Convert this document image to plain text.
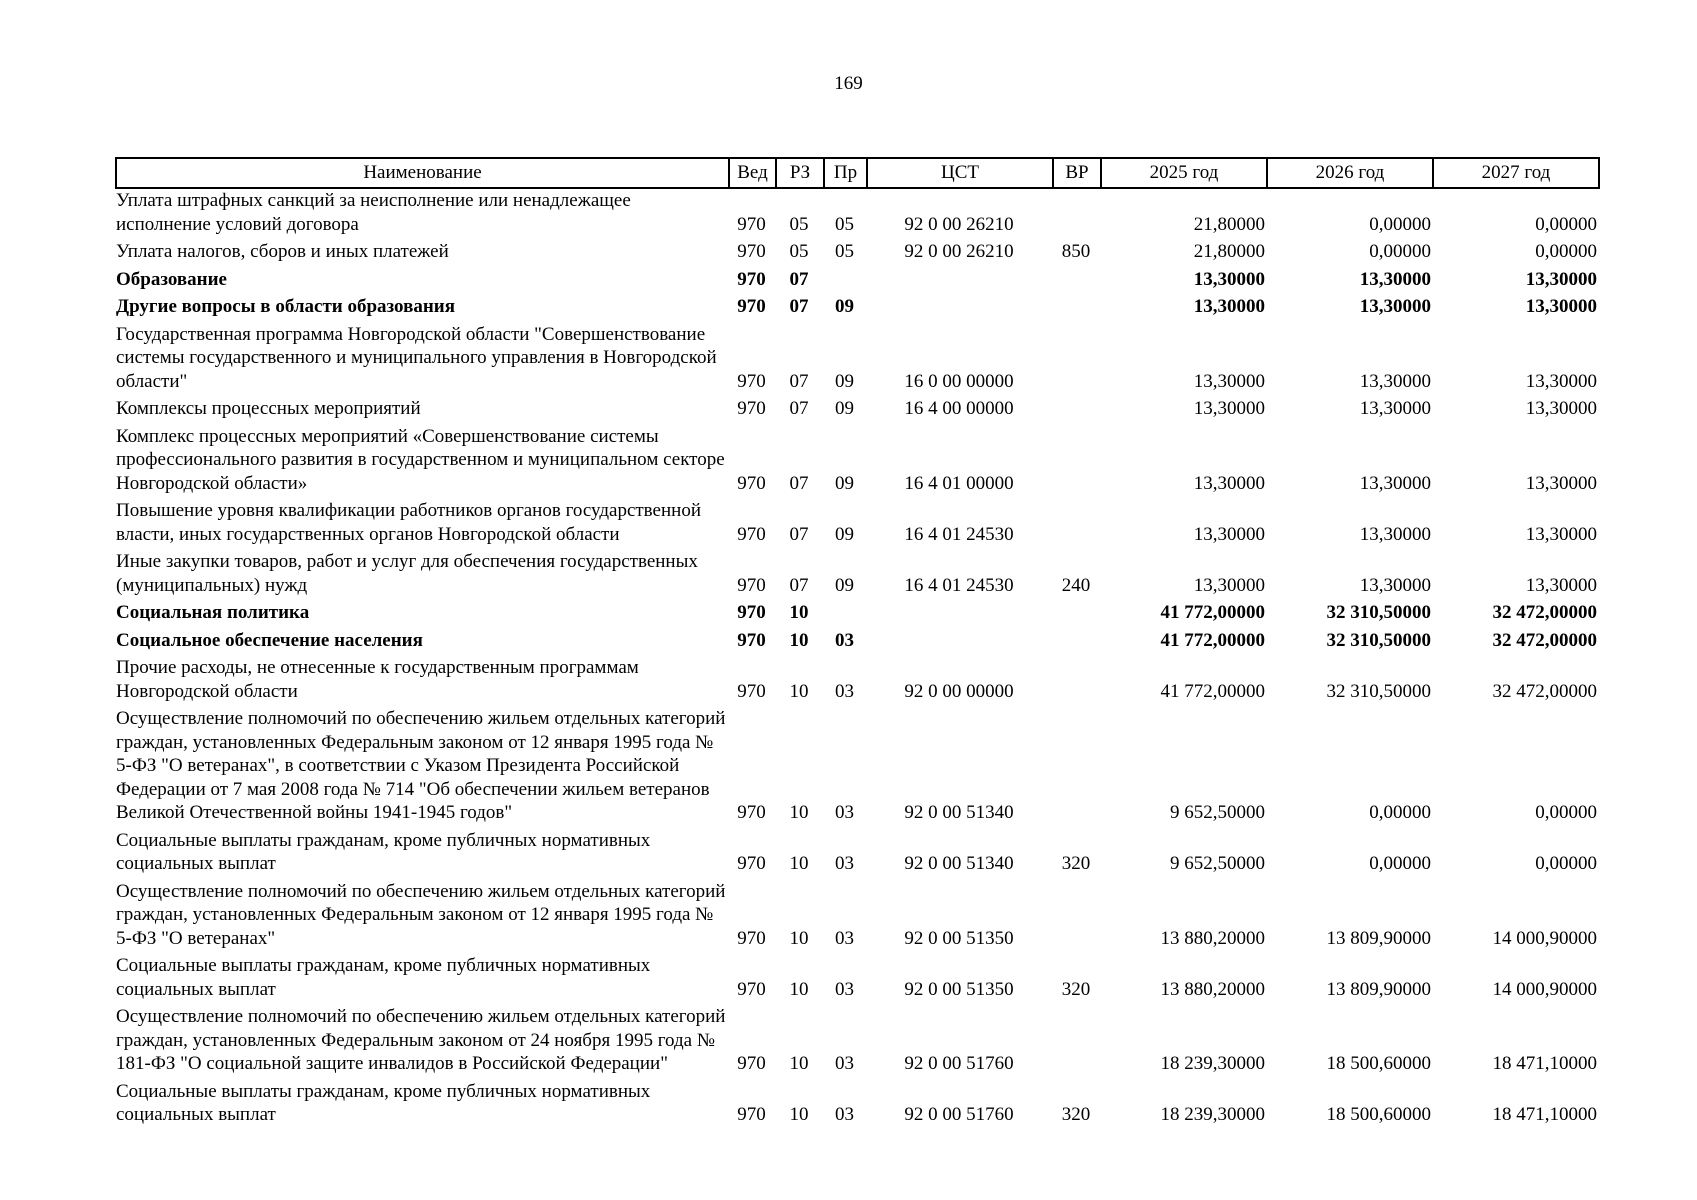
169
Наименование	Вед	РЗ	Пр	ЦСТ	ВР	2025 год	2026 год	2027 год
Уплата штрафных санкций за неисполнение или ненадлежащее исполнение условий договора	970	05	05	92 0 00 26210		21,80000	0,00000	0,00000
Уплата налогов, сборов и иных платежей	970	05	05	92 0 00 26210	850	21,80000	0,00000	0,00000
Образование	970	07				13,30000	13,30000	13,30000
Другие вопросы в области образования	970	07	09			13,30000	13,30000	13,30000
Государственная программа Новгородской области "Совершенствование системы государственного и муниципального управления в Новгородской области"	970	07	09	16 0 00 00000		13,30000	13,30000	13,30000
Комплексы процессных мероприятий	970	07	09	16 4 00 00000		13,30000	13,30000	13,30000
Комплекс процессных мероприятий «Совершенствование системы профессионального развития в государственном и муниципальном секторе Новгородской области»	970	07	09	16 4 01 00000		13,30000	13,30000	13,30000
Повышение уровня квалификации работников органов государственной власти, иных государственных органов Новгородской области	970	07	09	16 4 01 24530		13,30000	13,30000	13,30000
Иные закупки товаров, работ и услуг для обеспечения государственных (муниципальных) нужд	970	07	09	16 4 01 24530	240	13,30000	13,30000	13,30000
Социальная политика	970	10				41 772,00000	32 310,50000	32 472,00000
Социальное обеспечение населения	970	10	03			41 772,00000	32 310,50000	32 472,00000
Прочие расходы, не отнесенные к государственным программам Новгородской области	970	10	03	92 0 00 00000		41 772,00000	32 310,50000	32 472,00000
Осуществление полномочий по обеспечению жильем отдельных категорий граждан, установленных Федеральным законом от 12 января 1995 года № 5-ФЗ "О ветеранах", в соответствии с Указом Президента Российской Федерации от 7 мая 2008 года № 714 "Об обеспечении жильем ветеранов Великой Отечественной войны 1941-1945 годов"	970	10	03	92 0 00 51340		9 652,50000	0,00000	0,00000
Социальные выплаты гражданам, кроме публичных нормативных социальных выплат	970	10	03	92 0 00 51340	320	9 652,50000	0,00000	0,00000
Осуществление полномочий по обеспечению жильем отдельных категорий граждан, установленных Федеральным законом от 12 января 1995 года № 5-ФЗ "О ветеранах"	970	10	03	92 0 00 51350		13 880,20000	13 809,90000	14 000,90000
Социальные выплаты гражданам, кроме публичных нормативных социальных выплат	970	10	03	92 0 00 51350	320	13 880,20000	13 809,90000	14 000,90000
Осуществление полномочий по обеспечению жильем отдельных категорий граждан, установленных Федеральным законом от 24 ноября 1995 года № 181-ФЗ "О социальной защите инвалидов в Российской Федерации"	970	10	03	92 0 00 51760		18 239,30000	18 500,60000	18 471,10000
Социальные выплаты гражданам, кроме публичных нормативных социальных выплат	970	10	03	92 0 00 51760	320	18 239,30000	18 500,60000	18 471,10000
